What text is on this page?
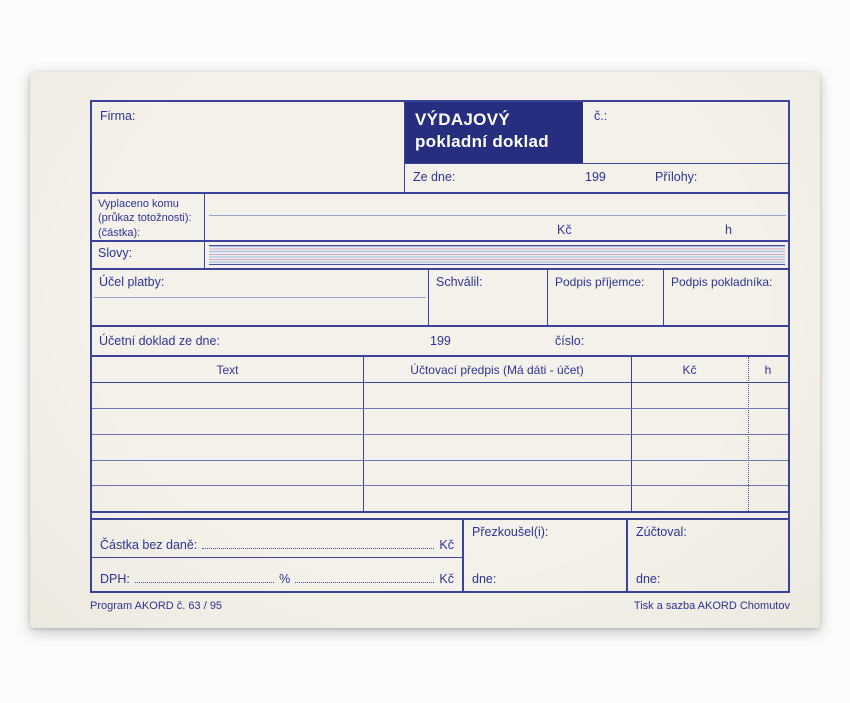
Firma:	VÝDAJOVÝ
pokladní doklad
č.:
Ze dne:	199	Přílohy:
Vyplaceno komu
(průkaz totožnosti):
(částka):	Kč	h
Slovy:
Účel platby:	Schválil:	Podpis příjemce:	Podpis pokladníka:
Účetní doklad ze dne:	199	číslo:
Text	Účtovací předpis (Má dáti - účet)	Kč	h
Částka bez daně:	Kč
DPH:	%	Kč
Přezkoušel(i):
dne:
Zúčtoval:
dne:
Program AKORD č. 63 / 95	Tisk a sazba AKORD Chomutov
